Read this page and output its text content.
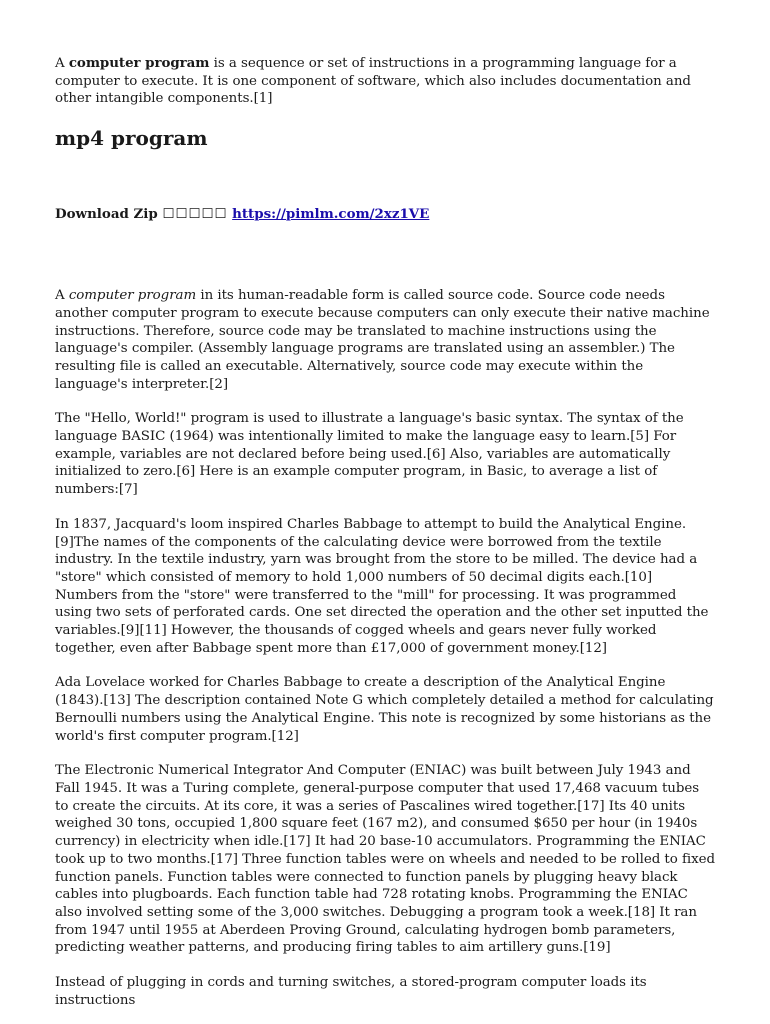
A computer program is a sequence or set of instructions in a programming language for a computer to execute. It is one component of software, which also includes documentation and other intangible components.[1]

mp4 program
Download Zip ☐☐☐☐☐ https://pimlm.com/2xz1VE

A computer program in its human-readable form is called source code. Source code needs another computer program to execute because computers can only execute their native machine instructions. Therefore, source code may be translated to machine instructions using the language's compiler. (Assembly language programs are translated using an assembler.) The resulting file is called an executable. Alternatively, source code may execute within the language's interpreter.[2]

The "Hello, World!" program is used to illustrate a language's basic syntax. The syntax of the language BASIC (1964) was intentionally limited to make the language easy to learn.[5] For example, variables are not declared before being used.[6] Also, variables are automatically initialized to zero.[6] Here is an example computer program, in Basic, to average a list of numbers:[7]

In 1837, Jacquard's loom inspired Charles Babbage to attempt to build the Analytical Engine.[9]The names of the components of the calculating device were borrowed from the textile industry. In the textile industry, yarn was brought from the store to be milled. The device had a "store" which consisted of memory to hold 1,000 numbers of 50 decimal digits each.[10] Numbers from the "store" were transferred to the "mill" for processing. It was programmed using two sets of perforated cards. One set directed the operation and the other set inputted the variables.[9][11] However, the thousands of cogged wheels and gears never fully worked together, even after Babbage spent more than £17,000 of government money.[12]

Ada Lovelace worked for Charles Babbage to create a description of the Analytical Engine (1843).[13] The description contained Note G which completely detailed a method for calculating Bernoulli numbers using the Analytical Engine. This note is recognized by some historians as the world's first computer program.[12]

The Electronic Numerical Integrator And Computer (ENIAC) was built between July 1943 and Fall 1945. It was a Turing complete, general-purpose computer that used 17,468 vacuum tubes to create the circuits. At its core, it was a series of Pascalines wired together.[17] Its 40 units weighed 30 tons, occupied 1,800 square feet (167 m2), and consumed $650 per hour (in 1940s currency) in electricity when idle.[17] It had 20 base-10 accumulators. Programming the ENIAC took up to two months.[17] Three function tables were on wheels and needed to be rolled to fixed function panels. Function tables were connected to function panels by plugging heavy black cables into plugboards. Each function table had 728 rotating knobs. Programming the ENIAC also involved setting some of the 3,000 switches. Debugging a program took a week.[18] It ran from 1947 until 1955 at Aberdeen Proving Ground, calculating hydrogen bomb parameters, predicting weather patterns, and producing firing tables to aim artillery guns.[19]

Instead of plugging in cords and turning switches, a stored-program computer loads its instructions
